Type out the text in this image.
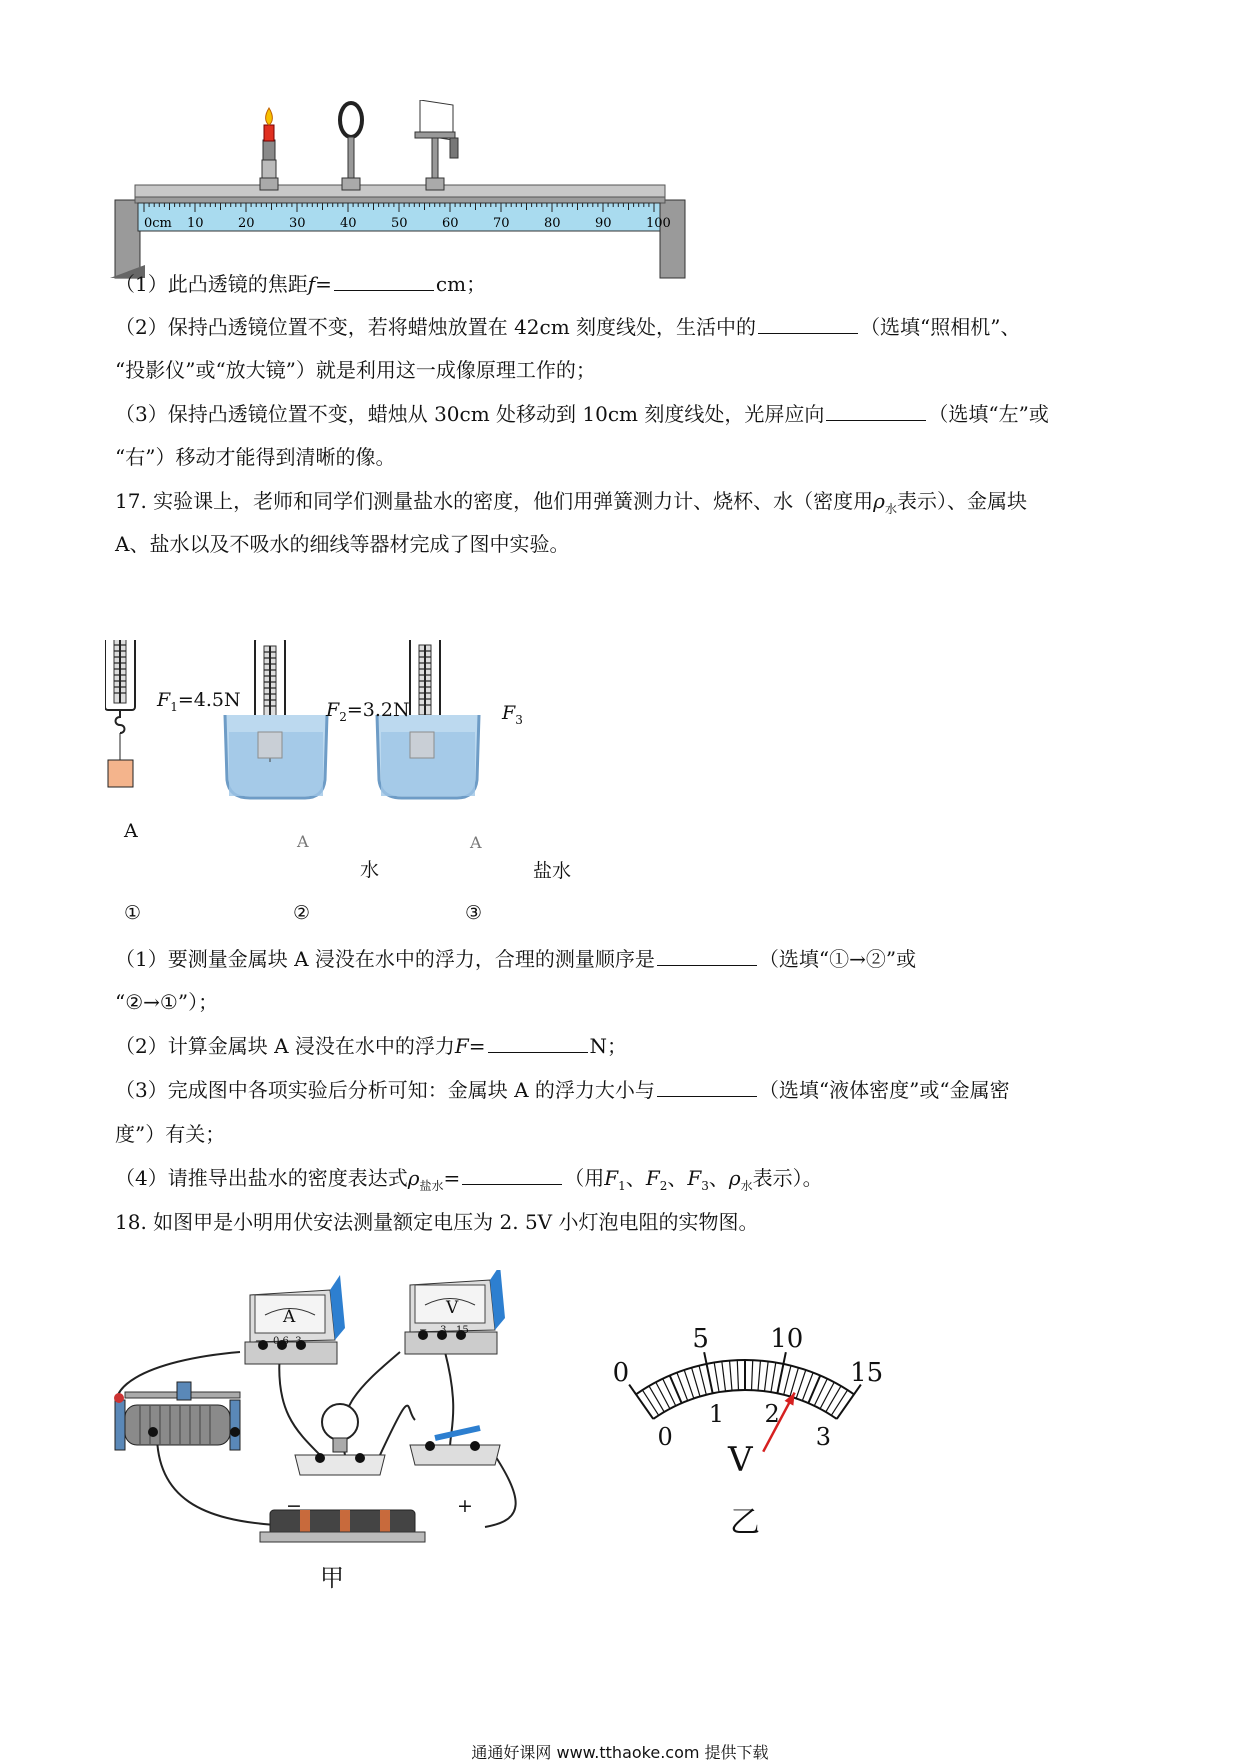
0cm 10	20	30	40	50	60	70	80	90	100
（1）此凸透镜的焦距f=	cm；
（2）保持凸透镜位置不变，若将蜡烛放置在 42cm 刻度线处，生活中的	（选填“照相机”、
“投影仪”或“放大镜”）就是利用这一成像原理工作的；
（3）保持凸透镜位置不变，蜡烛从 30cm 处移动到 10cm 刻度线处，光屏应向	（选填“左”或
“右”）移动才能得到清晰的像。
17. 实验课上，老师和同学们测量盐水的密度，他们用弹簧测力计、烧杯、水（密度用$\rho_水$表示）、金属块
A、盐水以及不吸水的细线等器材完成了图中实验。
$F_1=4.5N$	$F_2=3.2N$	$F_3$
A	A	A
水	盐水
①	②	③
（1）要测量金属块 A 浸没在水中的浮力，合理的测量顺序是	（选填“①→②”或
“②→①”）；
（2）计算金属块 A 浸没在水中的浮力F=	N；
（3）完成图中各项实验后分析可知：金属块 A 的浮力大小与	（选填“液体密度”或“金属密
度”）有关；
（4）请推导出盐水的密度表达式$\rho_{盐水}=$	（用$F_1$、$F_2$、$F_3$、$\rho_水$表示）。
18. 如图甲是小明用伏安法测量额定电压为 2. 5V 小灯泡电阻的实物图。
A
− 0.6 3
V
− 3 15
−	+
甲
0
5 10
15
0
1 2
3
V
乙
通通好课网 www.tthaoke.com 提供下载
